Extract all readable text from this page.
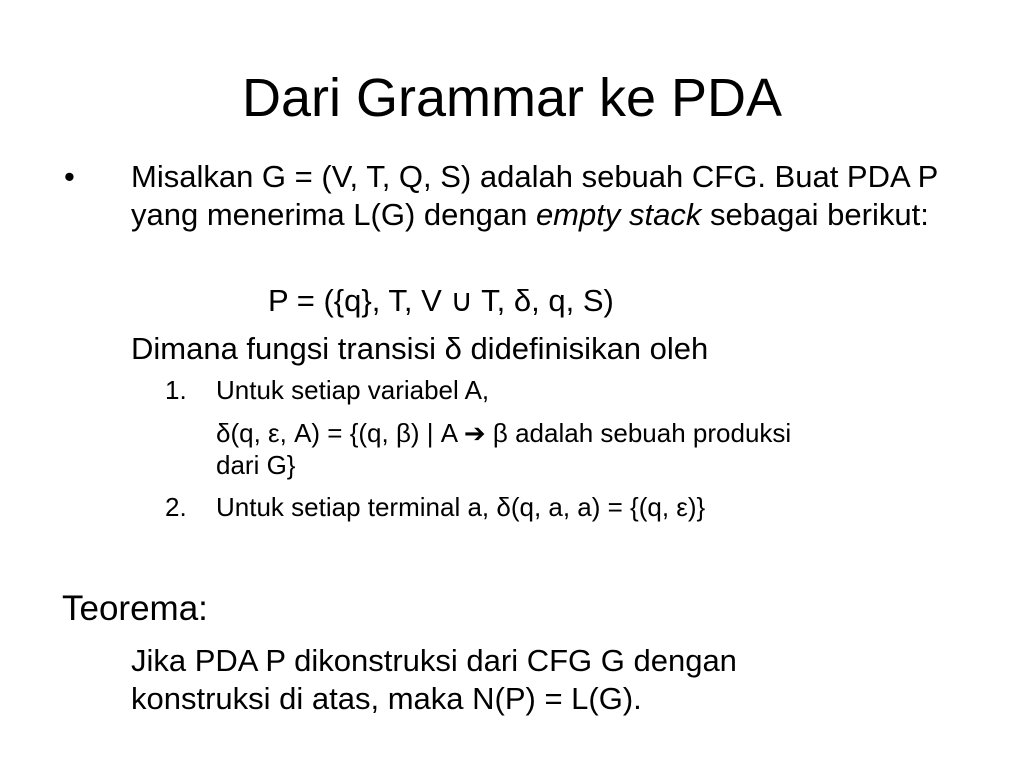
Dari Grammar ke PDA
• Misalkan G = (V, T, Q, S) adalah sebuah CFG. Buat PDA P yang menerima L(G) dengan empty stack sebagai berikut:
P = ({q}, T, V ∪ T, δ, q, S)
Dimana fungsi transisi δ didefinisikan oleh
1. Untuk setiap variabel A,
δ(q, ε, A) = {(q, β) | A ➔ β adalah sebuah produksi
dari G}
2. Untuk setiap terminal a, δ(q, a, a) = {(q, ε)}
Teorema:
Jika PDA P dikonstruksi dari CFG G dengan
konstruksi di atas, maka N(P) = L(G).
